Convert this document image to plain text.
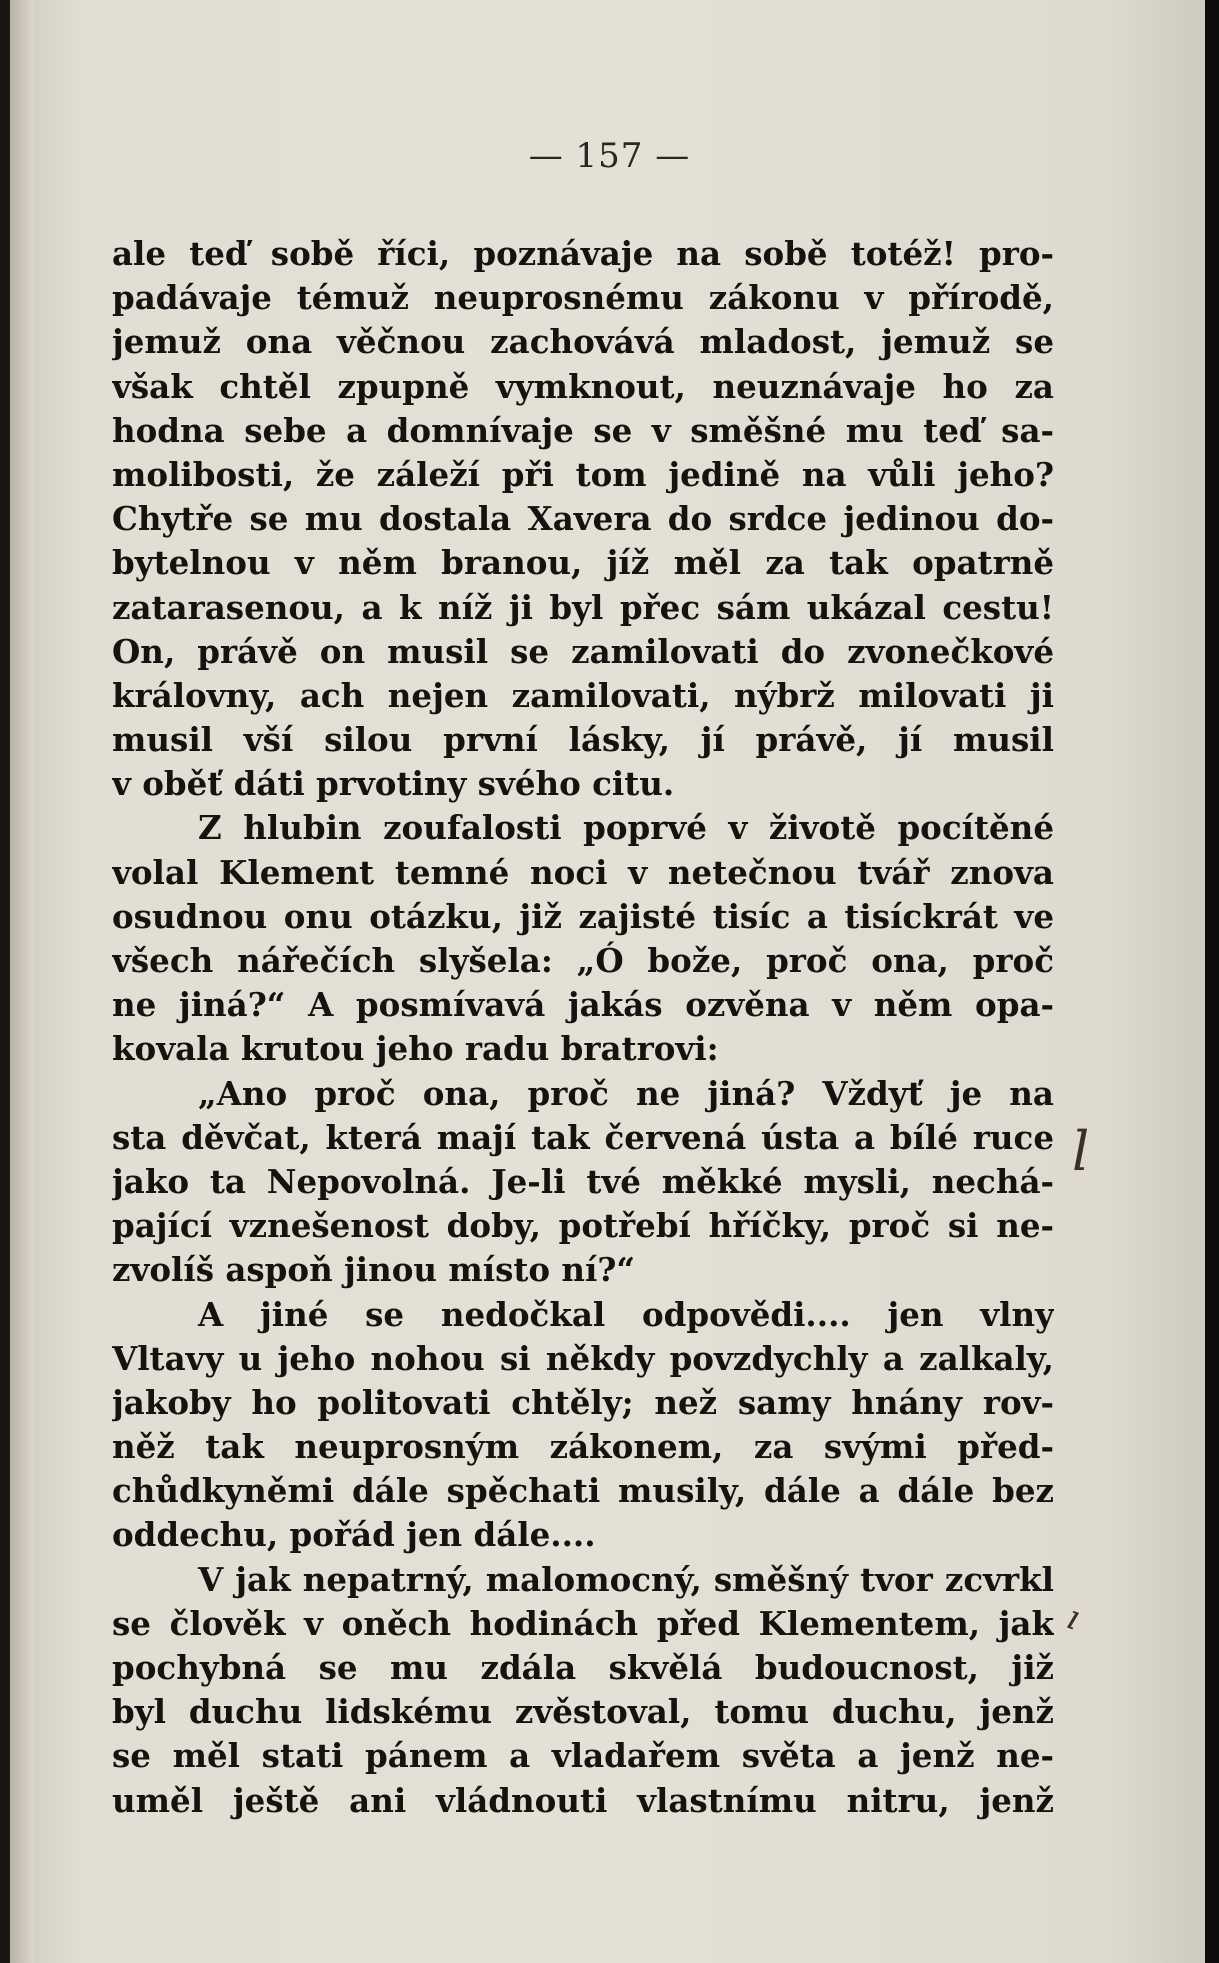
— 157 —
ale teď sobě říci, poznávaje na sobě totéž! pro-
padávaje témuž neuprosnému zákonu v přírodě,
jemuž ona věčnou zachovává mladost, jemuž se
však chtěl zpupně vymknout, neuznávaje ho za
hodna sebe a domnívaje se v směšné mu teď sa-
molibosti, že záleží při tom jedině na vůli jeho?
Chytře se mu dostala Xavera do srdce jedinou do-
bytelnou v něm branou, jíž měl za tak opatrně
zatarasenou, a k níž ji byl přec sám ukázal cestu!
On, právě on musil se zamilovati do zvonečkové
královny, ach nejen zamilovati, nýbrž milovati ji
musil vší silou první lásky, jí právě, jí musil
v oběť dáti prvotiny svého citu.
Z hlubin zoufalosti poprvé v životě pocítěné
volal Klement temné noci v netečnou tvář znova
osudnou onu otázku, již zajisté tisíc a tisíckrát ve
všech nářečích slyšela: „Ó bože, proč ona, proč
ne jiná?“ A posmívavá jakás ozvěna v něm opa-
kovala krutou jeho radu bratrovi:
„Ano proč ona, proč ne jiná? Vždyť je na
sta děvčat, která mají tak červená ústa a bílé ruce
jako ta Nepovolná. Je-li tvé měkké mysli, nechá-
pající vznešenost doby, potřebí hříčky, proč si ne-
zvolíš aspoň jinou místo ní?“
A jiné se nedočkal odpovědi.... jen vlny
Vltavy u jeho nohou si někdy povzdychly a zalkaly,
jakoby ho politovati chtěly; než samy hnány rov-
něž tak neuprosným zákonem, za svými před-
chůdkyněmi dále spěchati musily, dále a dále bez
oddechu, pořád jen dále....
V jak nepatrný, malomocný, směšný tvor zcvrkl
se člověk v oněch hodinách před Klementem, jak
pochybná se mu zdála skvělá budoucnost, již
byl duchu lidskému zvěstoval, tomu duchu, jenž
se měl stati pánem a vladařem světa a jenž ne-
uměl ještě ani vládnouti vlastnímu nitru, jenž
l
ı
